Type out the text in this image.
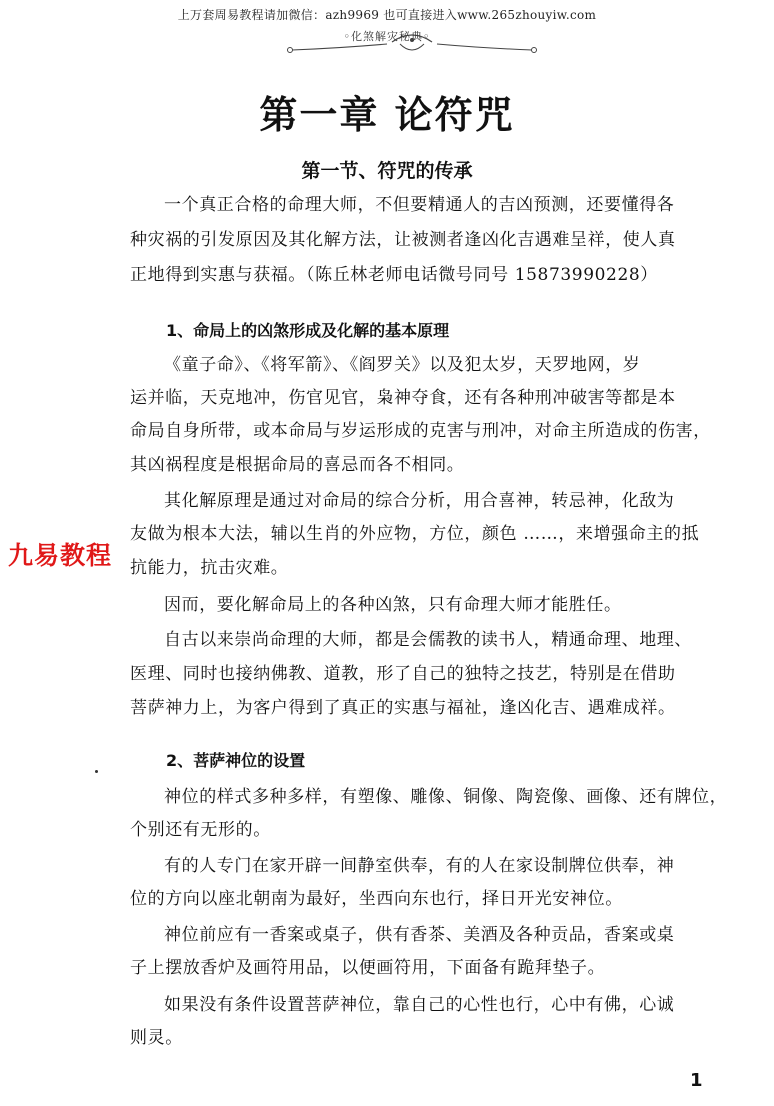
上万套周易教程请加微信：azh9969 也可直接进入www.265zhouyiw.com
◦化煞解灾秘典◦
第一章 论符咒
第一节、符咒的传承
一个真正合格的命理大师，不但要精通人的吉凶预测，还要懂得各
种灾祸的引发原因及其化解方法，让被测者逢凶化吉遇难呈祥，使人真
正地得到实惠与获福。（陈丘林老师电话微号同号 15873990228）
1、命局上的凶煞形成及化解的基本原理
《童子命》、《将军箭》、《阎罗关》以及犯太岁，天罗地网，岁
运并临，天克地冲，伤官见官，枭神夺食，还有各种刑冲破害等都是本
命局自身所带，或本命局与岁运形成的克害与刑冲，对命主所造成的伤害，
其凶祸程度是根据命局的喜忌而各不相同。
其化解原理是通过对命局的综合分析，用合喜神，转忌神，化敌为
友做为根本大法，辅以生肖的外应物，方位，颜色 ……，来增强命主的抵
抗能力，抗击灾难。
因而，要化解命局上的各种凶煞，只有命理大师才能胜任。
自古以来崇尚命理的大师，都是会儒教的读书人，精通命理、地理、
医理、同时也接纳佛教、道教，形了自己的独特之技艺，特别是在借助
菩萨神力上，为客户得到了真正的实惠与福祉，逢凶化吉、遇难成祥。
2、菩萨神位的设置
神位的样式多种多样，有塑像、雕像、铜像、陶瓷像、画像、还有牌位，
个别还有无形的。
有的人专门在家开辟一间静室供奉，有的人在家设制牌位供奉，神
位的方向以座北朝南为最好，坐西向东也行，择日开光安神位。
神位前应有一香案或桌子，供有香茶、美酒及各种贡品，香案或桌
子上摆放香炉及画符用品，以便画符用，下面备有跪拜垫子。
如果没有条件设置菩萨神位，靠自己的心性也行，心中有佛，心诚
则灵。
九易教程
1
